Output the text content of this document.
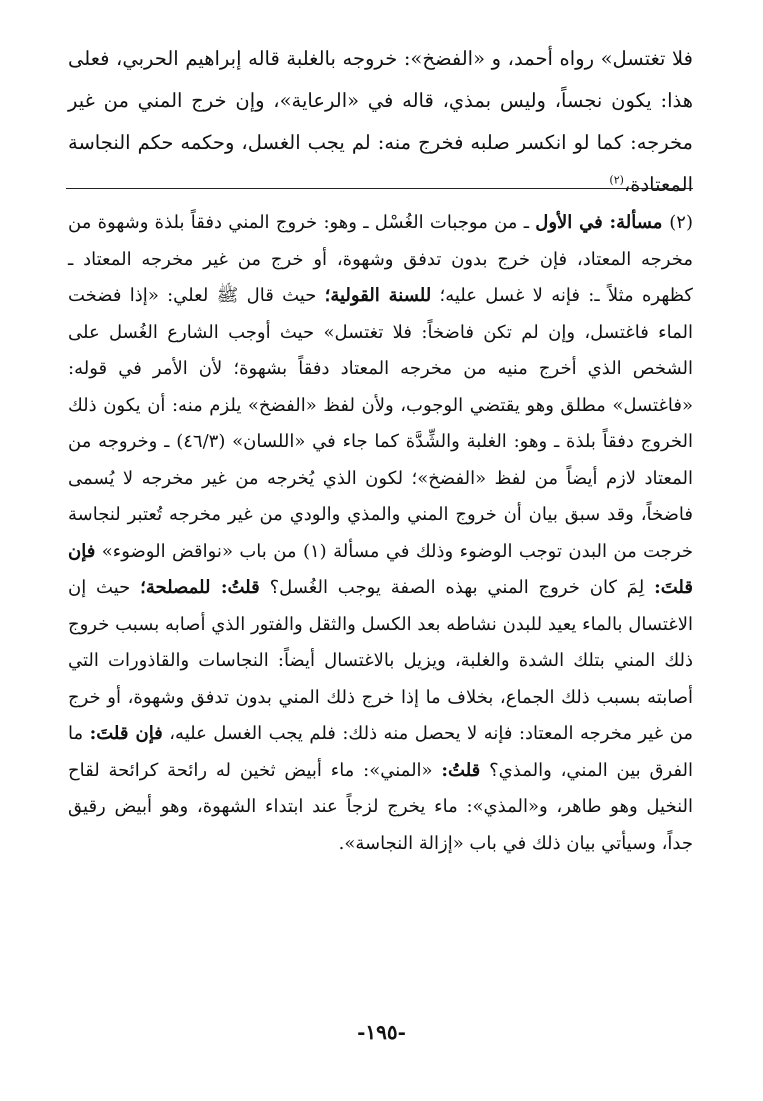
فلا تغتسل» رواه أحمد، و «الفضخ»: خروجه بالغلبة قاله إبراهيم الحربي، فعلى هذا: يكون نجساً، وليس بمذي، قاله في «الرعاية»، وإن خرج المني من غير مخرجه: كما لو انكسر صلبه فخرج منه: لم يجب الغسل، وحكمه حكم النجاسة المعتادة،$^{(٢)}$

(٢) مسألة: في الأول ـ من موجبات الغُسْل ـ وهو: خروج المني دفقاً بلذة وشهوة من مخرجه المعتاد، فإن خرج بدون تدفق وشهوة، أو خرج من غير مخرجه المعتاد ـ كظهره مثلاً ـ: فإنه لا غسل عليه؛ للسنة القولية؛ حيث قال ﷺ لعلي: «إذا فضخت الماء فاغتسل، وإن لم تكن فاضخاً: فلا تغتسل» حيث أوجب الشارع الغُسل على الشخص الذي أخرج منيه من مخرجه المعتاد دفقاً بشهوة؛ لأن الأمر في قوله: «فاغتسل» مطلق وهو يقتضي الوجوب، ولأن لفظ «الفضخ» يلزم منه: أن يكون ذلك الخروج دفقاً بلذة ـ وهو: الغلبة والشِّدَّة كما جاء في «اللسان» (٤٦/٣) ـ وخروجه من المعتاد لازم أيضاً من لفظ «الفضخ»؛ لكون الذي يُخرجه من غير مخرجه لا يُسمى فاضخاً، وقد سبق بيان أن خروج المني والمذي والودي من غير مخرجه تُعتبر لنجاسة خرجت من البدن توجب الوضوء وذلك في مسألة (١) من باب «نواقض الوضوء» فإن قلتَ: لِمَ كان خروج المني بهذه الصفة يوجب الغُسل؟ قلتُ: للمصلحة؛ حيث إن الاغتسال بالماء يعيد للبدن نشاطه بعد الكسل والثقل والفتور الذي أصابه بسبب خروج ذلك المني بتلك الشدة والغلبة، ويزيل بالاغتسال أيضاً: النجاسات والقاذورات التي أصابته بسبب ذلك الجماع، بخلاف ما إذا خرج ذلك المني بدون تدفق وشهوة، أو خرج من غير مخرجه المعتاد: فإنه لا يحصل منه ذلك: فلم يجب الغسل عليه، فإن قلتَ: ما الفرق بين المني، والمذي؟ قلتُ: «المني»: ماء أبيض ثخين له رائحة كرائحة لقاح النخيل وهو طاهر، و«المذي»: ماء يخرج لزجاً عند ابتداء الشهوة، وهو أبيض رقيق جداً، وسيأتي بيان ذلك في باب «إزالة النجاسة».

-١٩٥-
